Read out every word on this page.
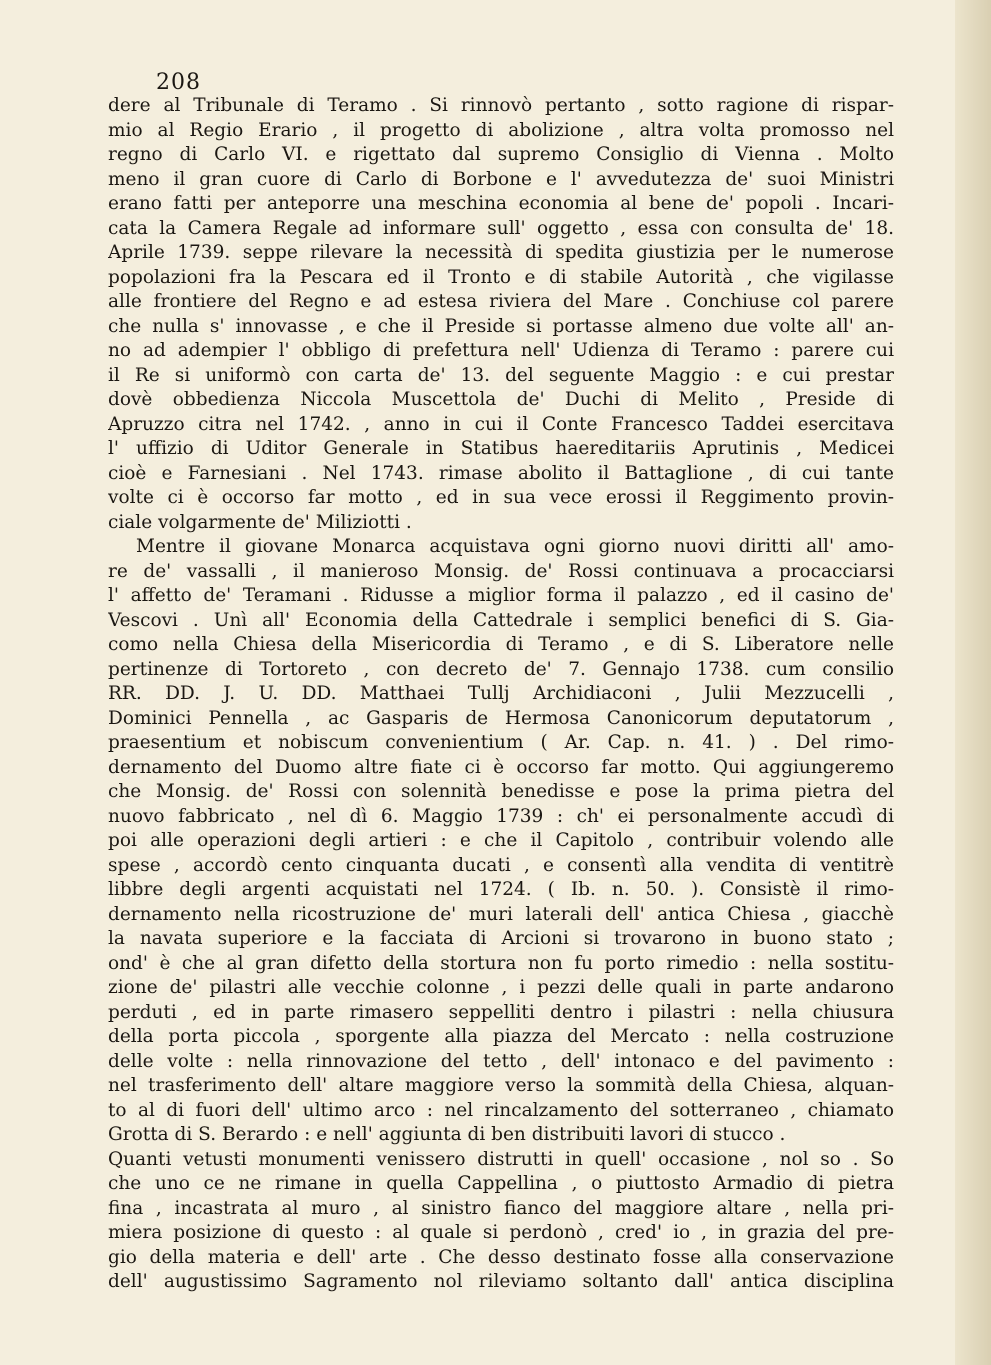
208
dere al Tribunale di Teramo . Si rinnovò pertanto , sotto ragione di rispar-
mio al Regio Erario , il progetto di abolizione , altra volta promosso nel
regno di Carlo VI. e rigettato dal supremo Consiglio di Vienna . Molto
meno il gran cuore di Carlo di Borbone e l' avvedutezza de' suoi Ministri
erano fatti per anteporre una meschina economia al bene de' popoli . Incari-
cata la Camera Regale ad informare sull' oggetto , essa con consulta de' 18.
Aprile 1739. seppe rilevare la necessità di spedita giustizia per le numerose
popolazioni fra la Pescara ed il Tronto e di stabile Autorità , che vigilasse
alle frontiere del Regno e ad estesa riviera del Mare . Conchiuse col parere
che nulla s' innovasse , e che il Preside si portasse almeno due volte all' an-
no ad adempier l' obbligo di prefettura nell' Udienza di Teramo : parere cui
il Re si uniformò con carta de' 13. del seguente Maggio : e cui prestar
dovè obbedienza Niccola Muscettola de' Duchi di Melito , Preside di
Apruzzo citra nel 1742. , anno in cui il Conte Francesco Taddei esercitava
l' uffizio di Uditor Generale in Statibus haereditariis Aprutinis , Medicei
cioè e Farnesiani . Nel 1743. rimase abolito il Battaglione , di cui tante
volte ci è occorso far motto , ed in sua vece erossi il Reggimento provin-
ciale volgarmente de' Miliziotti .
Mentre il giovane Monarca acquistava ogni giorno nuovi diritti all' amo-
re de' vassalli , il manieroso Monsig. de' Rossi continuava a procacciarsi
l' affetto de' Teramani . Ridusse a miglior forma il palazzo , ed il casino de'
Vescovi . Unì all' Economia della Cattedrale i semplici benefici di S. Gia-
como nella Chiesa della Misericordia di Teramo , e di S. Liberatore nelle
pertinenze di Tortoreto , con decreto de' 7. Gennajo 1738. cum consilio
RR. DD. J. U. DD. Matthaei Tullj Archidiaconi , Julii Mezzucelli ,
Dominici Pennella , ac Gasparis de Hermosa Canonicorum deputatorum ,
praesentium et nobiscum convenientium ( Ar. Cap. n. 41. ) . Del rimo-
dernamento del Duomo altre fiate ci è occorso far motto. Qui aggiungeremo
che Monsig. de' Rossi con solennità benedisse e pose la prima pietra del
nuovo fabbricato , nel dì 6. Maggio 1739 : ch' ei personalmente accudì di
poi alle operazioni degli artieri : e che il Capitolo , contribuir volendo alle
spese , accordò cento cinquanta ducati , e consentì alla vendita di ventitrè
libbre degli argenti acquistati nel 1724. ( Ib. n. 50. ). Consistè il rimo-
dernamento nella ricostruzione de' muri laterali dell' antica Chiesa , giacchè
la navata superiore e la facciata di Arcioni si trovarono in buono stato ;
ond' è che al gran difetto della stortura non fu porto rimedio : nella sostitu-
zione de' pilastri alle vecchie colonne , i pezzi delle quali in parte andarono
perduti , ed in parte rimasero seppelliti dentro i pilastri : nella chiusura
della porta piccola , sporgente alla piazza del Mercato : nella costruzione
delle volte : nella rinnovazione del tetto , dell' intonaco e del pavimento :
nel trasferimento dell' altare maggiore verso la sommità della Chiesa, alquan-
to al di fuori dell' ultimo arco : nel rincalzamento del sotterraneo , chiamato
Grotta di S. Berardo : e nell' aggiunta di ben distribuiti lavori di stucco .
Quanti vetusti monumenti venissero distrutti in quell' occasione , nol so . So
che uno ce ne rimane in quella Cappellina , o piuttosto Armadio di pietra
fina , incastrata al muro , al sinistro fianco del maggiore altare , nella pri-
miera posizione di questo : al quale si perdonò , cred' io , in grazia del pre-
gio della materia e dell' arte . Che desso destinato fosse alla conservazione
dell' augustissimo Sagramento nol rileviamo soltanto dall' antica disciplina
